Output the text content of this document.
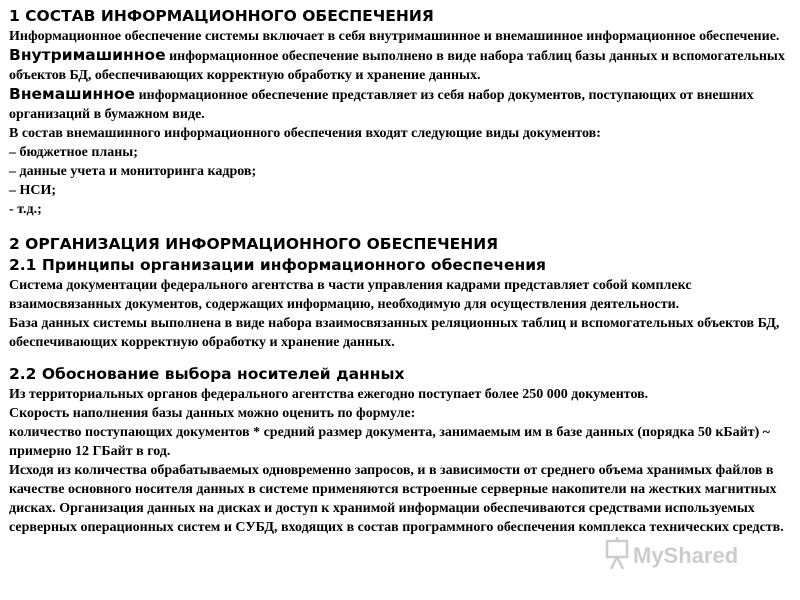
1 СОСТАВ ИНФОРМАЦИОННОГО ОБЕСПЕЧЕНИЯ

Информационное обеспечение системы включает в себя внутримашинное и внемашинное информационное обеспечение.

Внутримашинное информационное обеспечение выполнено в виде набора таблиц базы данных и вспомогательных объектов БД, обеспечивающих корректную обработку и хранение данных.

Внемашинное информационное обеспечение представляет из себя набор документов, поступающих от внешних организаций в бумажном виде.

В состав внемашинного информационного обеспечения входят следующие виды документов:

– бюджетное планы;

– данные учета и мониторинга кадров;

– НСИ;

- т.д.;

2 ОРГАНИЗАЦИЯ ИНФОРМАЦИОННОГО ОБЕСПЕЧЕНИЯ
2.1 Принципы организации информационного обеспечения

Система документации федерального агентства в части управления кадрами представляет собой комплекс взаимосвязанных документов, содержащих информацию, необходимую для осуществления деятельности.

База данных системы выполнена в виде набора взаимосвязанных реляционных таблиц и вспомогательных объектов БД, обеспечивающих корректную обработку и хранение данных.

2.2 Обоснование выбора носителей данных

Из территориальных органов федерального агентства ежегодно поступает более 250 000 документов.

Скорость наполнения базы данных можно оценить по формуле:

количество поступающих документов * средний размер документа, занимаемым им в базе данных (порядка 50 кБайт) ~ примерно 12 ГБайт в год.

Исходя из количества обрабатываемых одновременно запросов, и в зависимости от среднего объема хранимых файлов в качестве основного носителя данных в системе применяются встроенные серверные накопители на жестких магнитных дисках. Организация данных на дисках и доступ к хранимой информации обеспечиваются средствами используемых серверных операционных систем и СУБД, входящих в состав программного обеспечения комплекса технических средств.

MyShared
